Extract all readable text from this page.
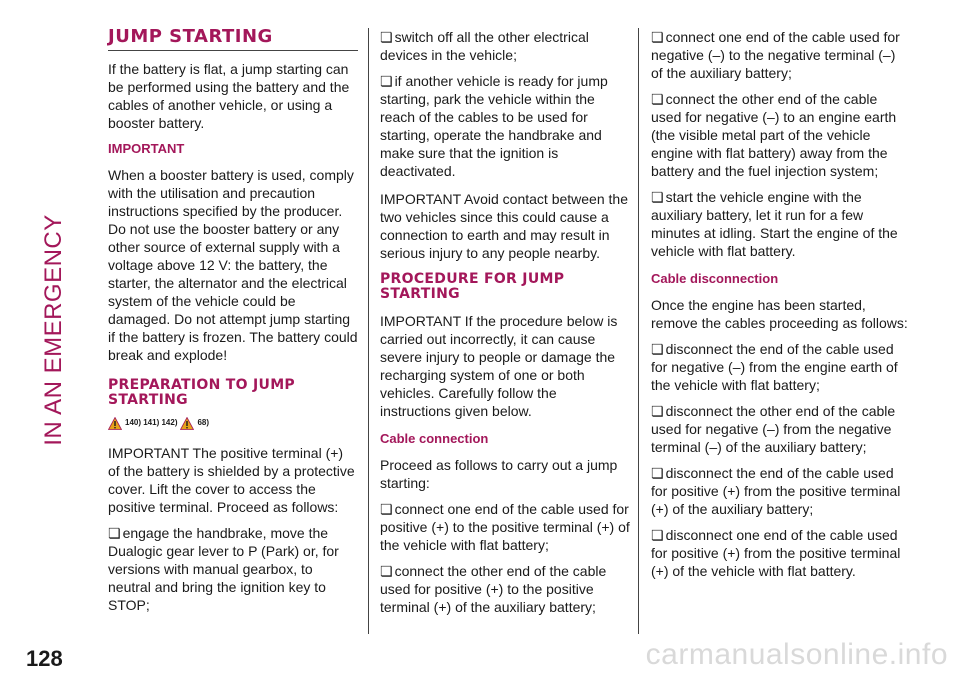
IN AN EMERGENCY
JUMP STARTING

If the battery is flat, a jump starting can be performed using the battery and the cables of another vehicle, or using a booster battery.

IMPORTANT

When a booster battery is used, comply with the utilisation and precaution instructions specified by the producer. Do not use the booster battery or any other source of external supply with a voltage above 12 V: the battery, the starter, the alternator and the electrical system of the vehicle could be damaged. Do not attempt jump starting if the battery is frozen. The battery could break and explode!

PREPARATION TO JUMP STARTING
140) 141) 142)	68)

IMPORTANT The positive terminal (+) of the battery is shielded by a protective cover. Lift the cover to access the positive terminal. Proceed as follows:

❏ engage the handbrake, move the Dualogic gear lever to P (Park) or, for versions with manual gearbox, to neutral and bring the ignition key to STOP;

❏ switch off all the other electrical devices in the vehicle;

❏ if another vehicle is ready for jump starting, park the vehicle within the reach of the cables to be used for starting, operate the handbrake and make sure that the ignition is deactivated.

IMPORTANT Avoid contact between the two vehicles since this could cause a connection to earth and may result in serious injury to any people nearby.

PROCEDURE FOR JUMP STARTING

IMPORTANT If the procedure below is carried out incorrectly, it can cause severe injury to people or damage the recharging system of one or both vehicles. Carefully follow the instructions given below.

Cable connection

Proceed as follows to carry out a jump starting:

❏ connect one end of the cable used for positive (+) to the positive terminal (+) of the vehicle with flat battery;

❏ connect the other end of the cable used for positive (+) to the positive terminal (+) of the auxiliary battery;

❏ connect one end of the cable used for negative (–) to the negative terminal (–) of the auxiliary battery;

❏ connect the other end of the cable used for negative (–) to an engine earth (the visible metal part of the vehicle engine with flat battery) away from the battery and the fuel injection system;

❏ start the vehicle engine with the auxiliary battery, let it run for a few minutes at idling. Start the engine of the vehicle with flat battery.

Cable disconnection

Once the engine has been started, remove the cables proceeding as follows:

❏ disconnect the end of the cable used for negative (–) from the engine earth of the vehicle with flat battery;

❏ disconnect the other end of the cable used for negative (–) from the negative terminal (–) of the auxiliary battery;

❏ disconnect the end of the cable used for positive (+) from the positive terminal (+) of the auxiliary battery;

❏ disconnect one end of the cable used for positive (+) from the positive terminal (+) of the vehicle with flat battery.

128	carmanualsonline.info
